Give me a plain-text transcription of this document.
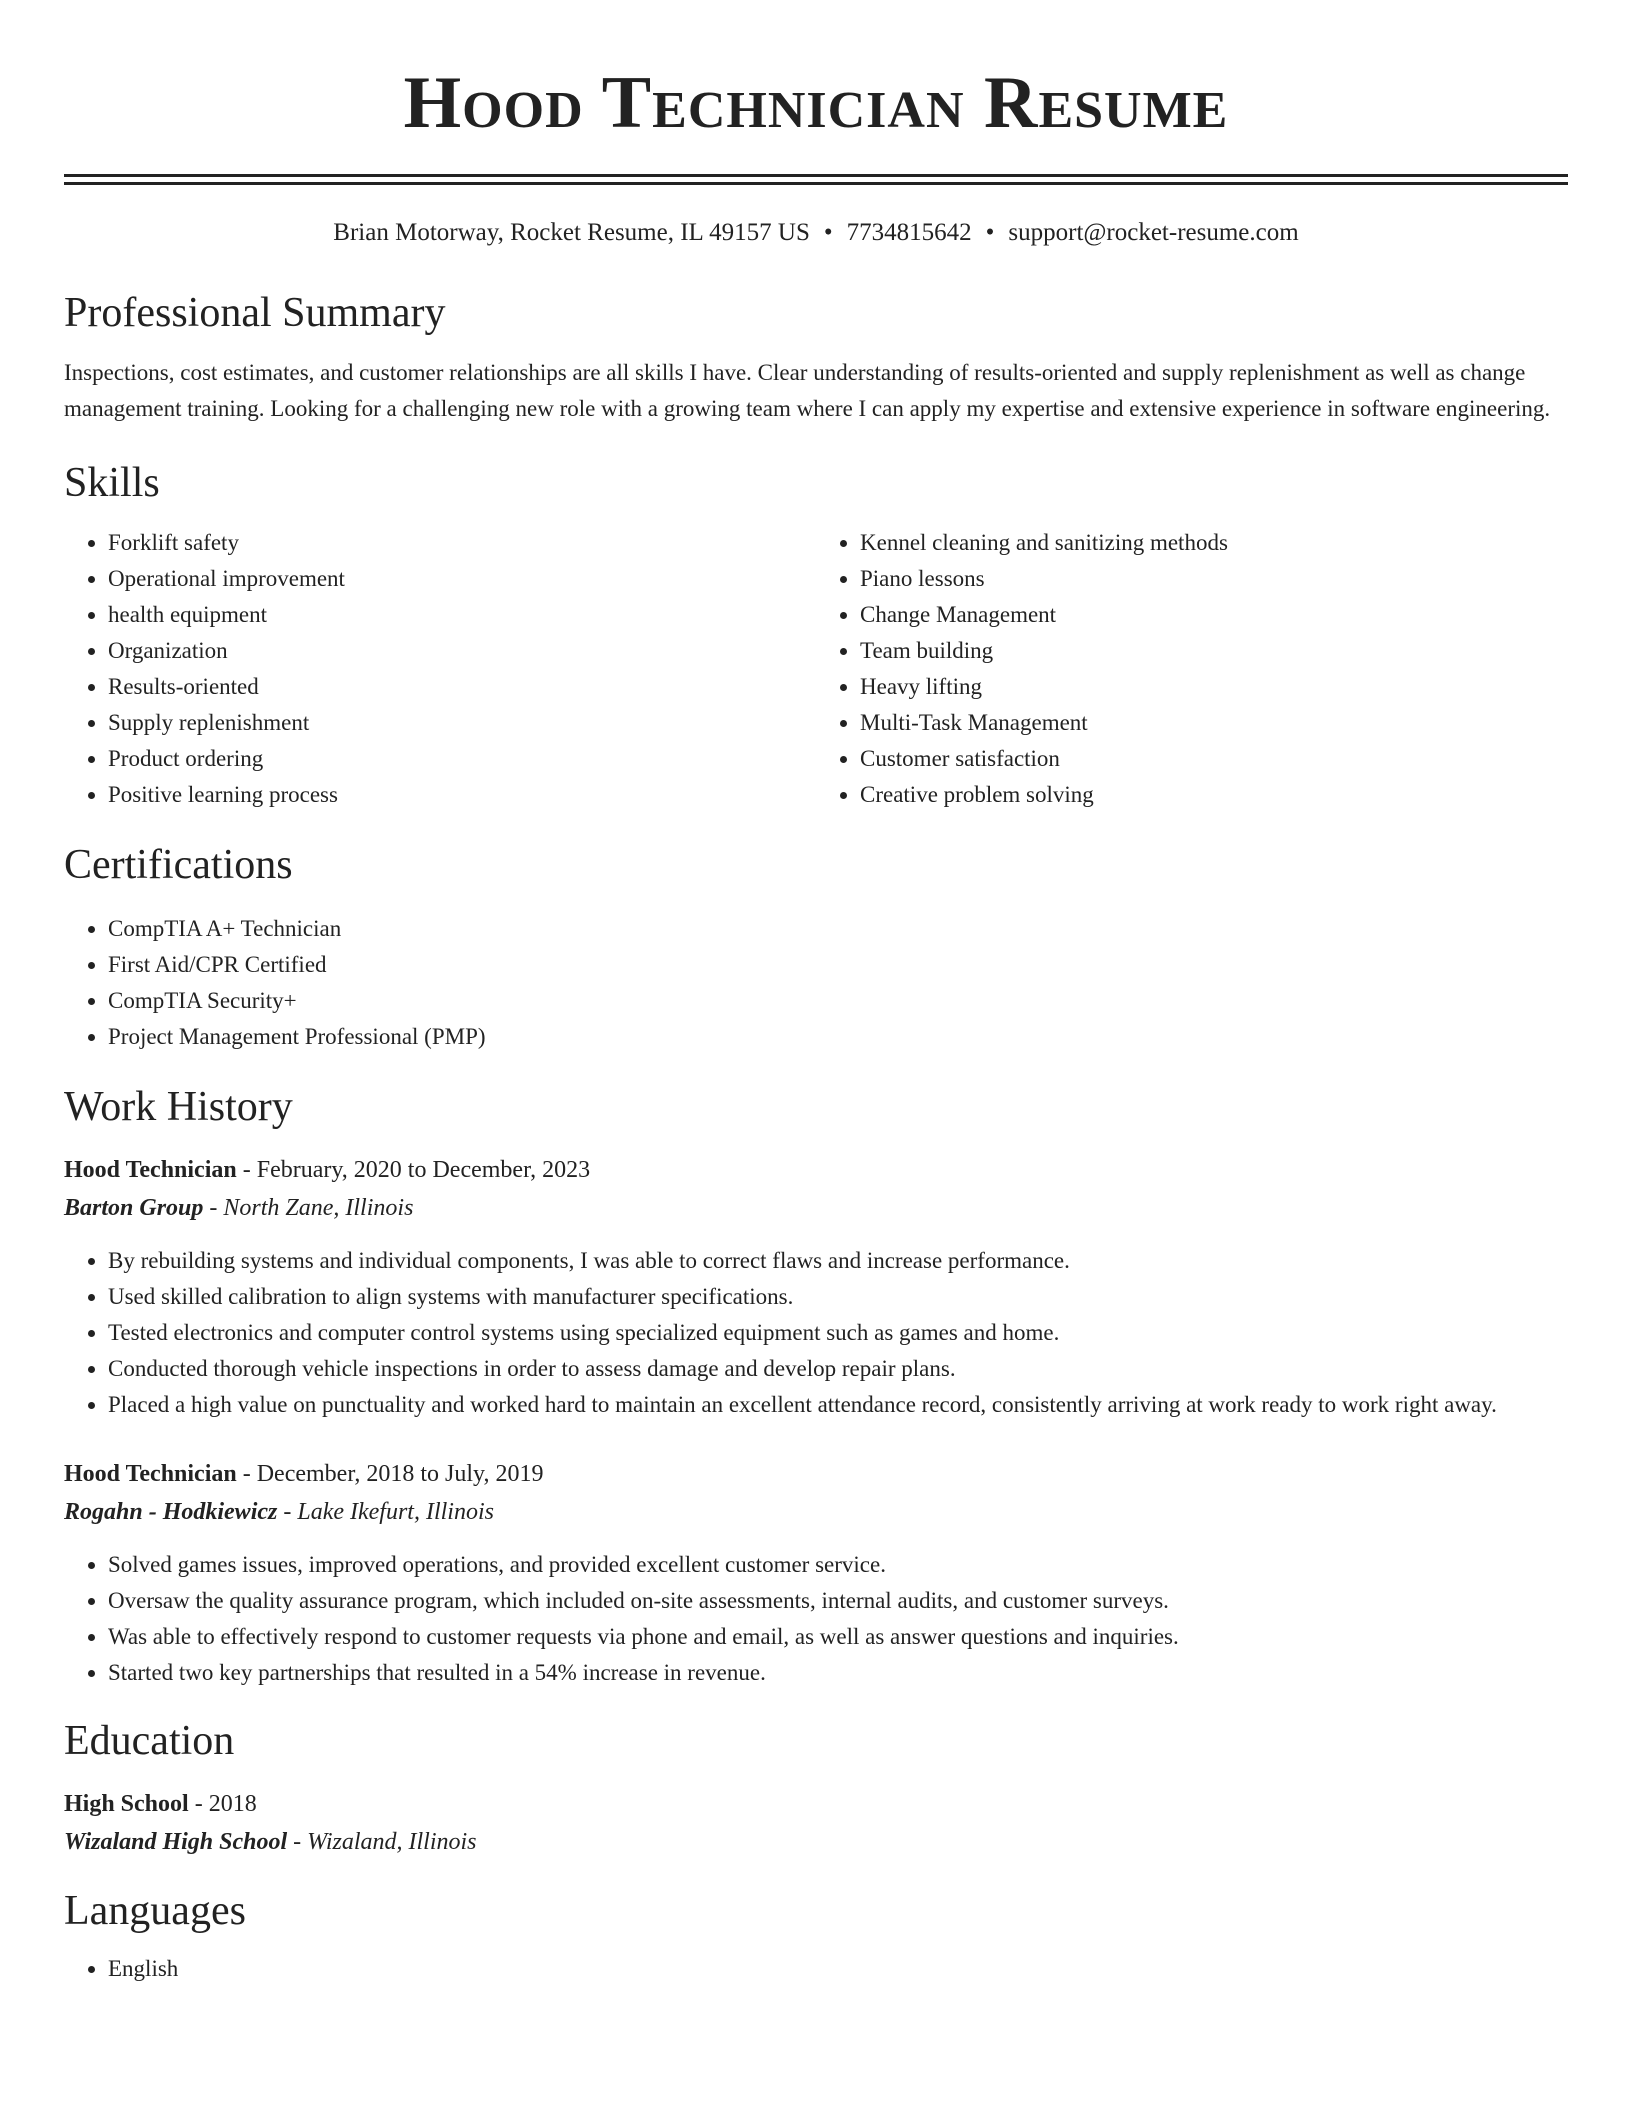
Hood Technician Resume
Brian Motorway, Rocket Resume, IL 49157 US • 7734815642 • support@rocket-resume.com
Professional Summary

Inspections, cost estimates, and customer relationships are all skills I have. Clear understanding of results-oriented and supply replenishment as well as change management training. Looking for a challenging new role with a growing team where I can apply my expertise and extensive experience in software engineering.

Skills
• Forklift safety
• Operational improvement
• health equipment
• Organization
• Results-oriented
• Supply replenishment
• Product ordering
• Positive learning process
• Kennel cleaning and sanitizing methods
• Piano lessons
• Change Management
• Team building
• Heavy lifting
• Multi-Task Management
• Customer satisfaction
• Creative problem solving
Certifications
• CompTIA A+ Technician
• First Aid/CPR Certified
• CompTIA Security+
• Project Management Professional (PMP)
Work History
Hood Technician - February, 2020 to December, 2023
Barton Group - North Zane, Illinois
• By rebuilding systems and individual components, I was able to correct flaws and increase performance.
• Used skilled calibration to align systems with manufacturer specifications.
• Tested electronics and computer control systems using specialized equipment such as games and home.
• Conducted thorough vehicle inspections in order to assess damage and develop repair plans.
• Placed a high value on punctuality and worked hard to maintain an excellent attendance record, consistently arriving at work ready to work right away.
Hood Technician - December, 2018 to July, 2019
Rogahn - Hodkiewicz - Lake Ikefurt, Illinois
• Solved games issues, improved operations, and provided excellent customer service.
• Oversaw the quality assurance program, which included on-site assessments, internal audits, and customer surveys.
• Was able to effectively respond to customer requests via phone and email, as well as answer questions and inquiries.
• Started two key partnerships that resulted in a 54% increase in revenue.
Education
High School - 2018
Wizaland High School - Wizaland, Illinois
Languages
• English
